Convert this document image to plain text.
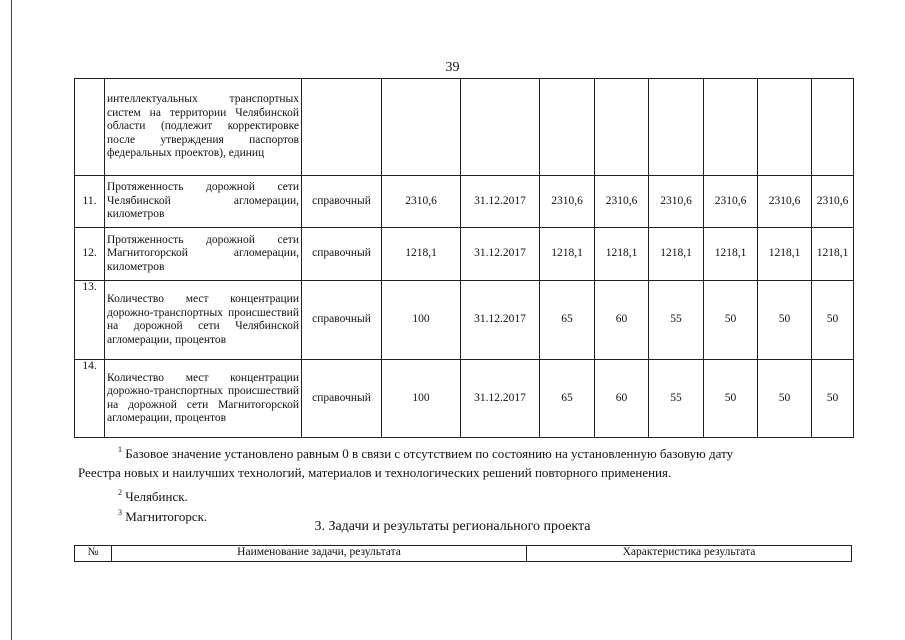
39
	интеллектуальных транспортных систем на территории Челябинской области (подлежит корректировке после утверждения паспортов федеральных проектов), единиц									
11.	Протяженность дорожной сети Челябинской агломерации, километров	справочный	2310,6	31.12.2017	2310,6	2310,6	2310,6	2310,6	2310,6	2310,6
12.	Протяженность дорожной сети Магнитогорской агломерации, километров	справочный	1218,1	31.12.2017	1218,1	1218,1	1218,1	1218,1	1218,1	1218,1
13.	Количество мест концентрации дорожно-транспортных происшествий на дорожной сети Челябинской агломерации, процентов	справочный	100	31.12.2017	65	60	55	50	50	50
14.	Количество мест концентрации дорожно-транспортных происшествий на дорожной сети Магнитогорской агломерации, процентов	справочный	100	31.12.2017	65	60	55	50	50	50
$^1$ Базовое значение установлено равным 0 в связи с отсутствием по состоянию на установленную базовую дату
Реестра новых и наилучших технологий, материалов и технологических решений повторного применения.
$^2$ Челябинск.
$^3$ Магнитогорск.
3. Задачи и результаты регионального проекта
№	Наименование задачи, результата	Характеристика результата
